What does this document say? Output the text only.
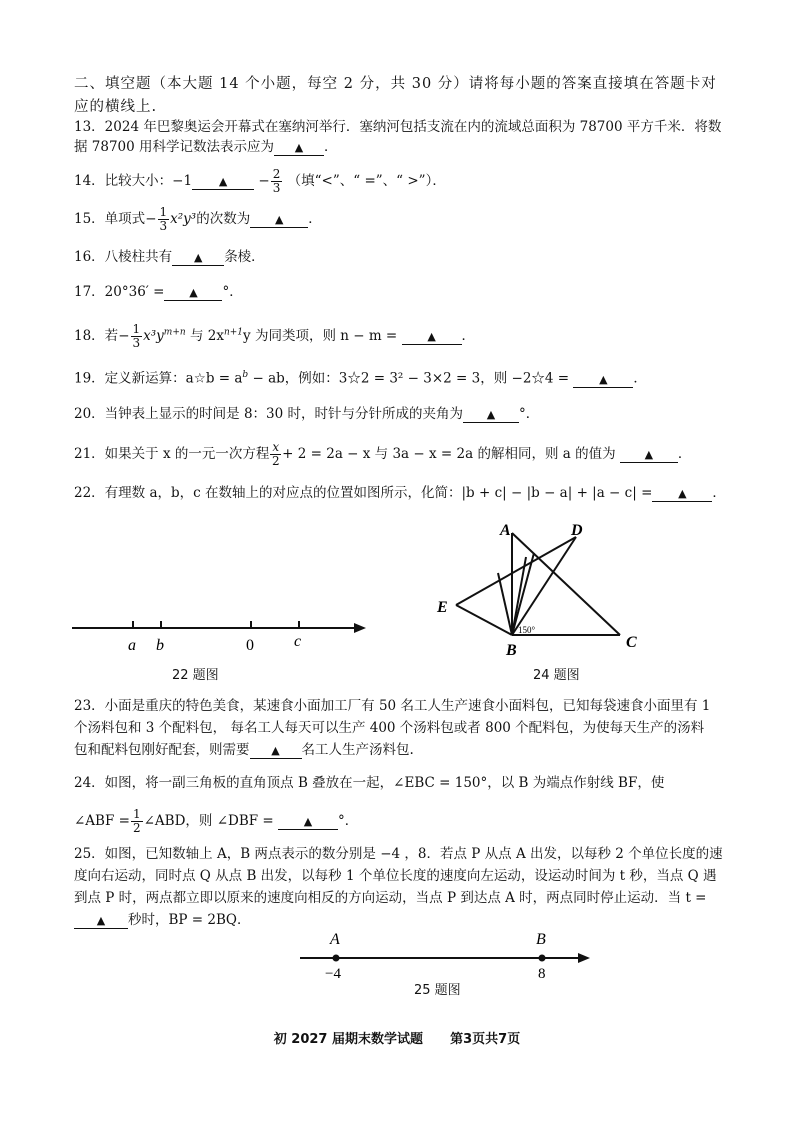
二、填空题（本大题 14 个小题，每空 2 分，共 30 分）请将每小题的答案直接填在答题卡对
应的横线上.
13．2024 年巴黎奥运会开幕式在塞纳河举行．塞纳河包括支流在内的流域总面积为 78700 平方千米．将数
据 78700 用科学记数法表示应为 ▲ ．
14．比较大小：−1 ▲ − $\frac{2}{3}$ （填“<”、“ =”、“ >”）．
15．单项式− $\frac{1}{3} x^2y^3$的次数为 ▲ ．
16．八棱柱共有 ▲ 条棱．
17．20°36′ = ▲ °．
18．若− $\frac{1}{3} x^3y^{m+n}$ 与 $2x^{n+1}y$ 为同类项，则 n − m =	▲ ．
19．定义新运算：a☆b = $a^b$ − ab，例如：3☆2 = 3² − 3×2 = 3，则 −2☆4 =	▲ ．
20．当钟表上显示的时间是 8：30 时，时针与分针所成的夹角为 ▲ °．
21．如果关于 x 的一元一次方程 $\frac{x}{2} + 2 = 2a - x$ 与 3a − x = 2a 的解相同，则 a 的值为	▲ ．
22．有理数 a，b，c 在数轴上的对应点的位置如图所示，化简：|b + c| − |b − a| + |a − c| = ▲ ．
a b	0	c
22 题图
A	D
E
B	C
150°
24 题图
23．小面是重庆的特色美食，某速食小面加工厂有 50 名工人生产速食小面料包，已知每袋速食小面里有 1
个汤料包和 3 个配料包， 每名工人每天可以生产 400 个汤料包或者 800 个配料包，为使每天生产的汤料
包和配料包刚好配套，则需要 ▲ 名工人生产汤料包.
24．如图，将一副三角板的直角顶点 B 叠放在一起，∠EBC = 150°，以 B 为端点作射线 BF，使
∠ABF = $\frac{1}{2}$ ∠ABD，则 ∠DBF =	▲ °．
25．如图，已知数轴上 A，B 两点表示的数分别是 −4 ，8．若点 P 从点 A 出发，以每秒 2 个单位长度的速
度向右运动，同时点 Q 从点 B 出发，以每秒 1 个单位长度的速度向左运动，设运动时间为 t 秒，当点 Q 遇
到点 P 时，两点都立即以原来的速度向相反的方向运动，当点 P 到达点 A 时，两点同时停止运动．当 t =
▲ 秒时，BP = 2BQ．
A	B
−4	8
25 题图
初 2027 届期末数学试题 第3页共7页
